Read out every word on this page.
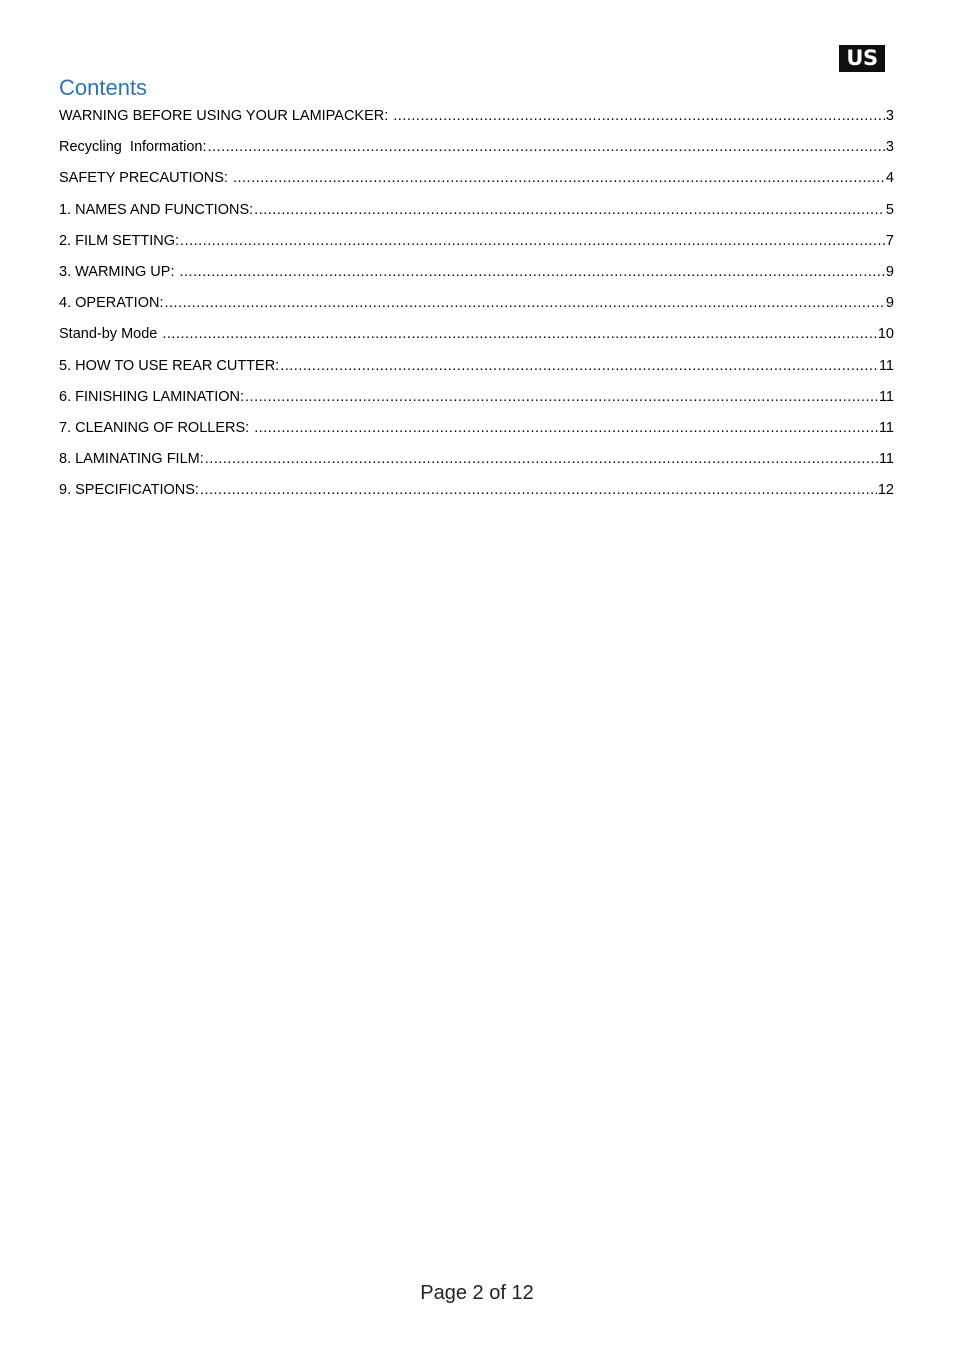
US
Contents
WARNING BEFORE USING YOUR LAMIPACKER: .....	3
Recycling  Information: .....	3
SAFETY PRECAUTIONS: .....	4
1. NAMES AND FUNCTIONS: .....	5
2. FILM SETTING: .....	7
3. WARMING UP: .....	9
4. OPERATION: .....	9
Stand-by Mode .....	10
5. HOW TO USE REAR CUTTER: .....	11
6. FINISHING LAMINATION: .....	11
7. CLEANING OF ROLLERS: .....	11
8. LAMINATING FILM: .....	11
9. SPECIFICATIONS: .....	12
Page 2 of 12
